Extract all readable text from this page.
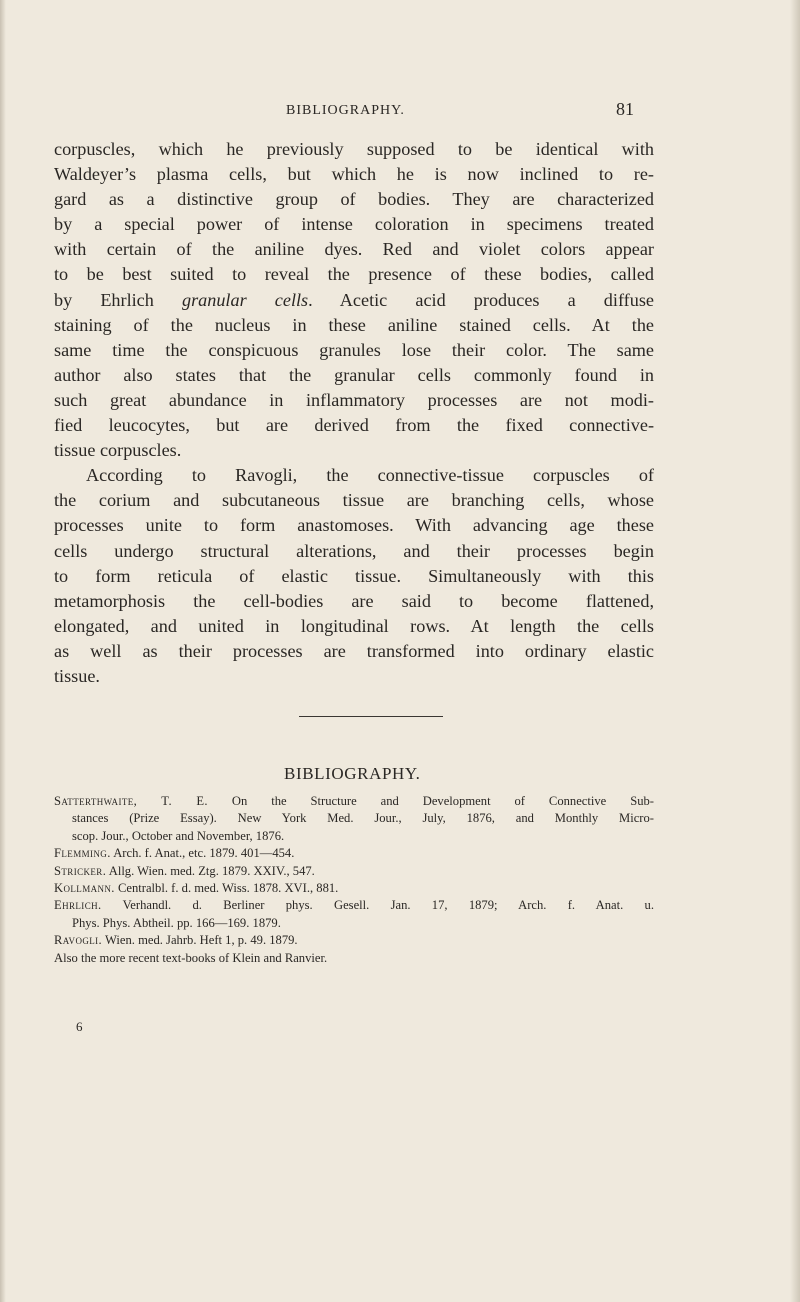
BIBLIOGRAPHY.	81
corpuscles, which he previously supposed to be identical with
Waldeyer’s plasma cells, but which he is now inclined to re-
gard as a distinctive group of bodies. They are characterized
by a special power of intense coloration in specimens treated
with certain of the aniline dyes. Red and violet colors appear
to be best suited to reveal the presence of these bodies, called
by Ehrlich granular cells. Acetic acid produces a diffuse
staining of the nucleus in these aniline stained cells. At the
same time the conspicuous granules lose their color. The same
author also states that the granular cells commonly found in
such great abundance in inflammatory processes are not modi-
fied leucocytes, but are derived from the fixed connective-
tissue corpuscles.
According to Ravogli, the connective-tissue corpuscles of
the corium and subcutaneous tissue are branching cells, whose
processes unite to form anastomoses. With advancing age these
cells undergo structural alterations, and their processes begin
to form reticula of elastic tissue. Simultaneously with this
metamorphosis the cell-bodies are said to become flattened,
elongated, and united in longitudinal rows. At length the cells
as well as their processes are transformed into ordinary elastic
tissue.
BIBLIOGRAPHY.
Satterthwaite, T. E. On the Structure and Development of Connective Sub-
stances (Prize Essay). New York Med. Jour., July, 1876, and Monthly Micro-
scop. Jour., October and November, 1876.
Flemming. Arch. f. Anat., etc. 1879. 401—454.
Stricker. Allg. Wien. med. Ztg. 1879. XXIV., 547.
Kollmann. Centralbl. f. d. med. Wiss. 1878. XVI., 881.
Ehrlich. Verhandl. d. Berliner phys. Gesell. Jan. 17, 1879; Arch. f. Anat. u.
Phys. Phys. Abtheil. pp. 166—169. 1879.
Ravogli. Wien. med. Jahrb. Heft 1, p. 49. 1879.
Also the more recent text-books of Klein and Ranvier.
6
